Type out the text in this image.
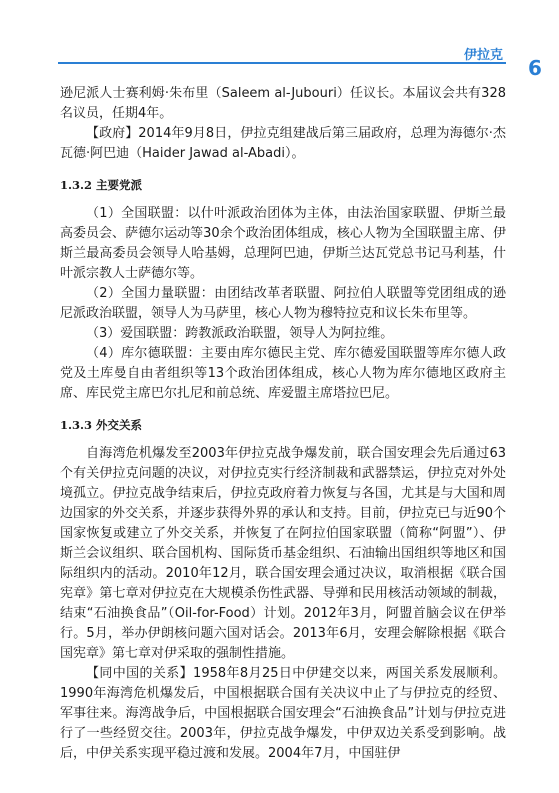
伊拉克
6

逊尼派人士赛利姆·朱布里（Saleem al-Jubouri）任议长。本届议会共有328名议员，任期4年。

【政府】2014年9月8日，伊拉克组建战后第三届政府，总理为海德尔·杰瓦德·阿巴迪（Haider Jawad al-Abadi）。

1.3.2 主要党派

（1）全国联盟：以什叶派政治团体为主体，由法治国家联盟、伊斯兰最高委员会、萨德尔运动等30余个政治团体组成，核心人物为全国联盟主席、伊斯兰最高委员会领导人哈基姆，总理阿巴迪，伊斯兰达瓦党总书记马利基，什叶派宗教人士萨德尔等。

（2）全国力量联盟：由团结改革者联盟、阿拉伯人联盟等党团组成的逊尼派政治联盟，领导人为马萨里，核心人物为穆特拉克和议长朱布里等。

（3）爱国联盟：跨教派政治联盟，领导人为阿拉维。

（4）库尔德联盟：主要由库尔德民主党、库尔德爱国联盟等库尔德人政党及土库曼自由者组织等13个政治团体组成，核心人物为库尔德地区政府主席、库民党主席巴尔扎尼和前总统、库爱盟主席塔拉巴尼。

1.3.3 外交关系

自海湾危机爆发至2003年伊拉克战争爆发前，联合国安理会先后通过63个有关伊拉克问题的决议，对伊拉克实行经济制裁和武器禁运，伊拉克对外处境孤立。伊拉克战争结束后，伊拉克政府着力恢复与各国，尤其是与大国和周边国家的外交关系，并逐步获得外界的承认和支持。目前，伊拉克已与近90个国家恢复或建立了外交关系，并恢复了在阿拉伯国家联盟（简称“阿盟”）、伊斯兰会议组织、联合国机构、国际货币基金组织、石油输出国组织等地区和国际组织内的活动。2010年12月，联合国安理会通过决议，取消根据《联合国宪章》第七章对伊拉克在大规模杀伤性武器、导弹和民用核活动领域的制裁，结束“石油换食品”（Oil-for-Food）计划。2012年3月，阿盟首脑会议在伊举行。5月，举办伊朗核问题六国对话会。2013年6月，安理会解除根据《联合国宪章》第七章对伊采取的强制性措施。

【同中国的关系】1958年8月25日中伊建交以来，两国关系发展顺利。1990年海湾危机爆发后，中国根据联合国有关决议中止了与伊拉克的经贸、军事往来。海湾战争后，中国根据联合国安理会“石油换食品”计划与伊拉克进行了一些经贸交往。2003年，伊拉克战争爆发，中伊双边关系受到影响。战后，中伊关系实现平稳过渡和发展。2004年7月，中国驻伊
